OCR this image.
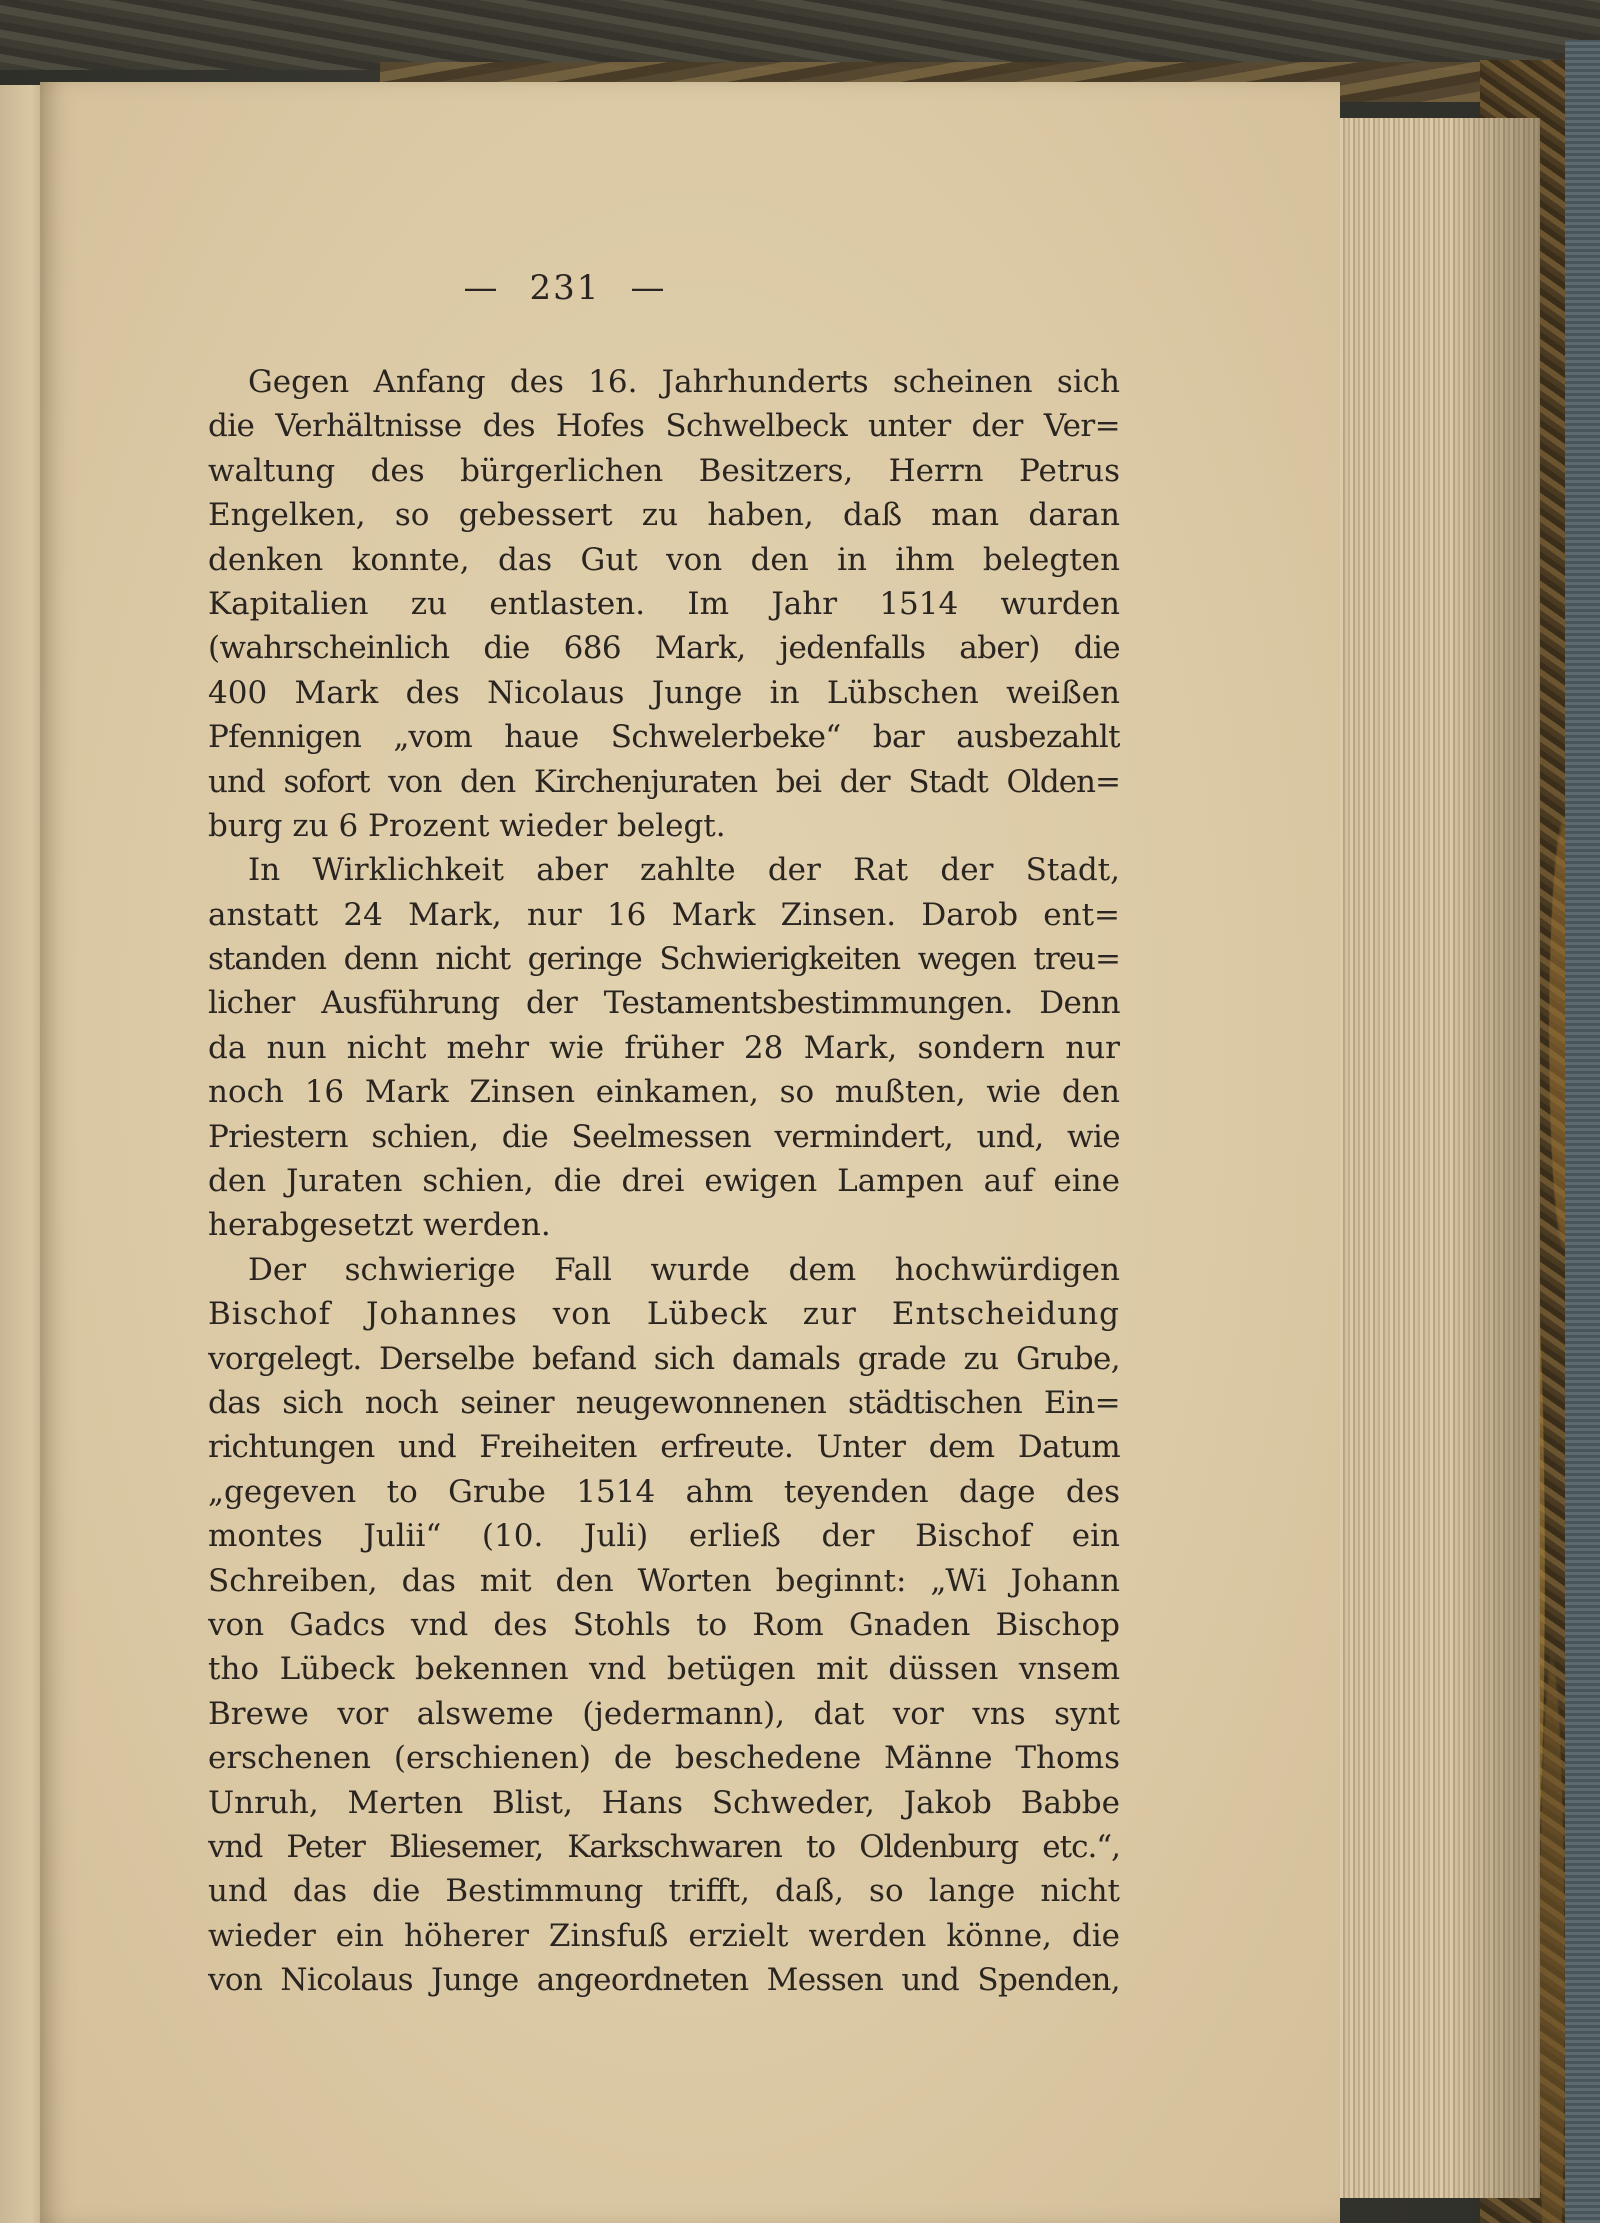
— 231 —
Gegen Anfang des 16. Jahrhunderts scheinen sich
die Verhältnisse des Hofes Schwelbeck unter der Ver=
waltung des bürgerlichen Besitzers, Herrn Petrus
Engelken, so gebessert zu haben, daß man daran
denken konnte, das Gut von den in ihm belegten
Kapitalien zu entlasten. Im Jahr 1514 wurden
(wahrscheinlich die 686 Mark, jedenfalls aber) die
400 Mark des Nicolaus Junge in Lübschen weißen
Pfennigen „vom haue Schwelerbeke“ bar ausbezahlt
und sofort von den Kirchenjuraten bei der Stadt Olden=
burg zu 6 Prozent wieder belegt.
In Wirklichkeit aber zahlte der Rat der Stadt,
anstatt 24 Mark, nur 16 Mark Zinsen. Darob ent=
standen denn nicht geringe Schwierigkeiten wegen treu=
licher Ausführung der Testamentsbestimmungen. Denn
da nun nicht mehr wie früher 28 Mark, sondern nur
noch 16 Mark Zinsen einkamen, so mußten, wie den
Priestern schien, die Seelmessen vermindert, und, wie
den Juraten schien, die drei ewigen Lampen auf eine
herabgesetzt werden.
Der schwierige Fall wurde dem hochwürdigen
Bischof Johannes von Lübeck zur Entscheidung
vorgelegt. Derselbe befand sich damals grade zu Grube,
das sich noch seiner neugewonnenen städtischen Ein=
richtungen und Freiheiten erfreute. Unter dem Datum
„gegeven to Grube 1514 ahm teyenden dage des
montes Julii“ (10. Juli) erließ der Bischof ein
Schreiben, das mit den Worten beginnt: „Wi Johann
von Gadcs vnd des Stohls to Rom Gnaden Bischop
tho Lübeck bekennen vnd betügen mit düssen vnsem
Brewe vor alsweme (jedermann), dat vor vns synt
erschenen (erschienen) de beschedene Männe Thoms
Unruh, Merten Blist, Hans Schweder, Jakob Babbe
vnd Peter Bliesemer, Karkschwaren to Oldenburg etc.“,
und das die Bestimmung trifft, daß, so lange nicht
wieder ein höherer Zinsfuß erzielt werden könne, die
von Nicolaus Junge angeordneten Messen und Spenden,
